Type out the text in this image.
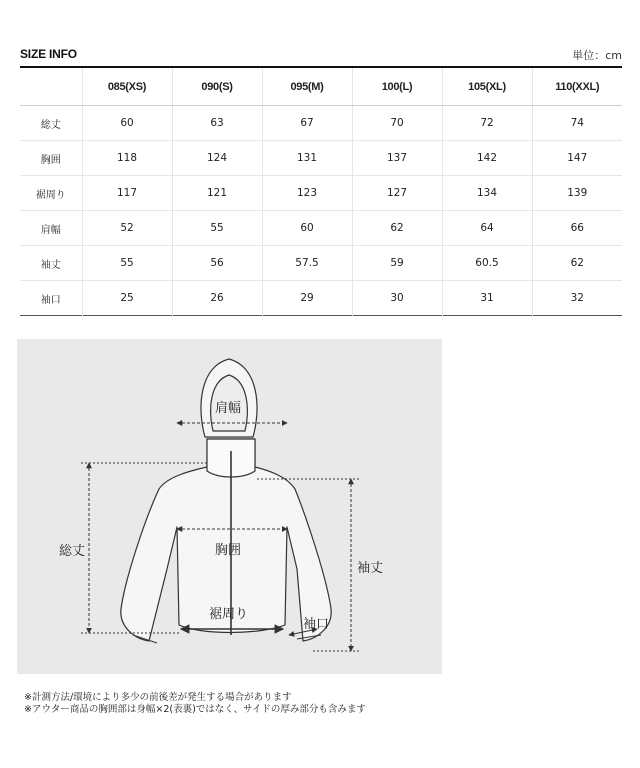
SIZE INFO	単位：cm
	085(XS)	090(S)	095(M)	100(L)	105(XL)	110(XXL)
総丈	60	63	67	70	72	74
胸囲	118	124	131	137	142	147
裾周り	117	121	123	127	134	139
肩幅	52	55	60	62	64	66
袖丈	55	56	57.5	59	60.5	62
袖口	25	26	29	30	31	32
肩幅
総丈	胸囲
裾周り
袖丈
袖口
※計測方法/環境により多少の前後差が発生する場合があります
※アウター商品の胸囲部は身幅×2(表裏)ではなく、サイドの厚み部分も含みます
